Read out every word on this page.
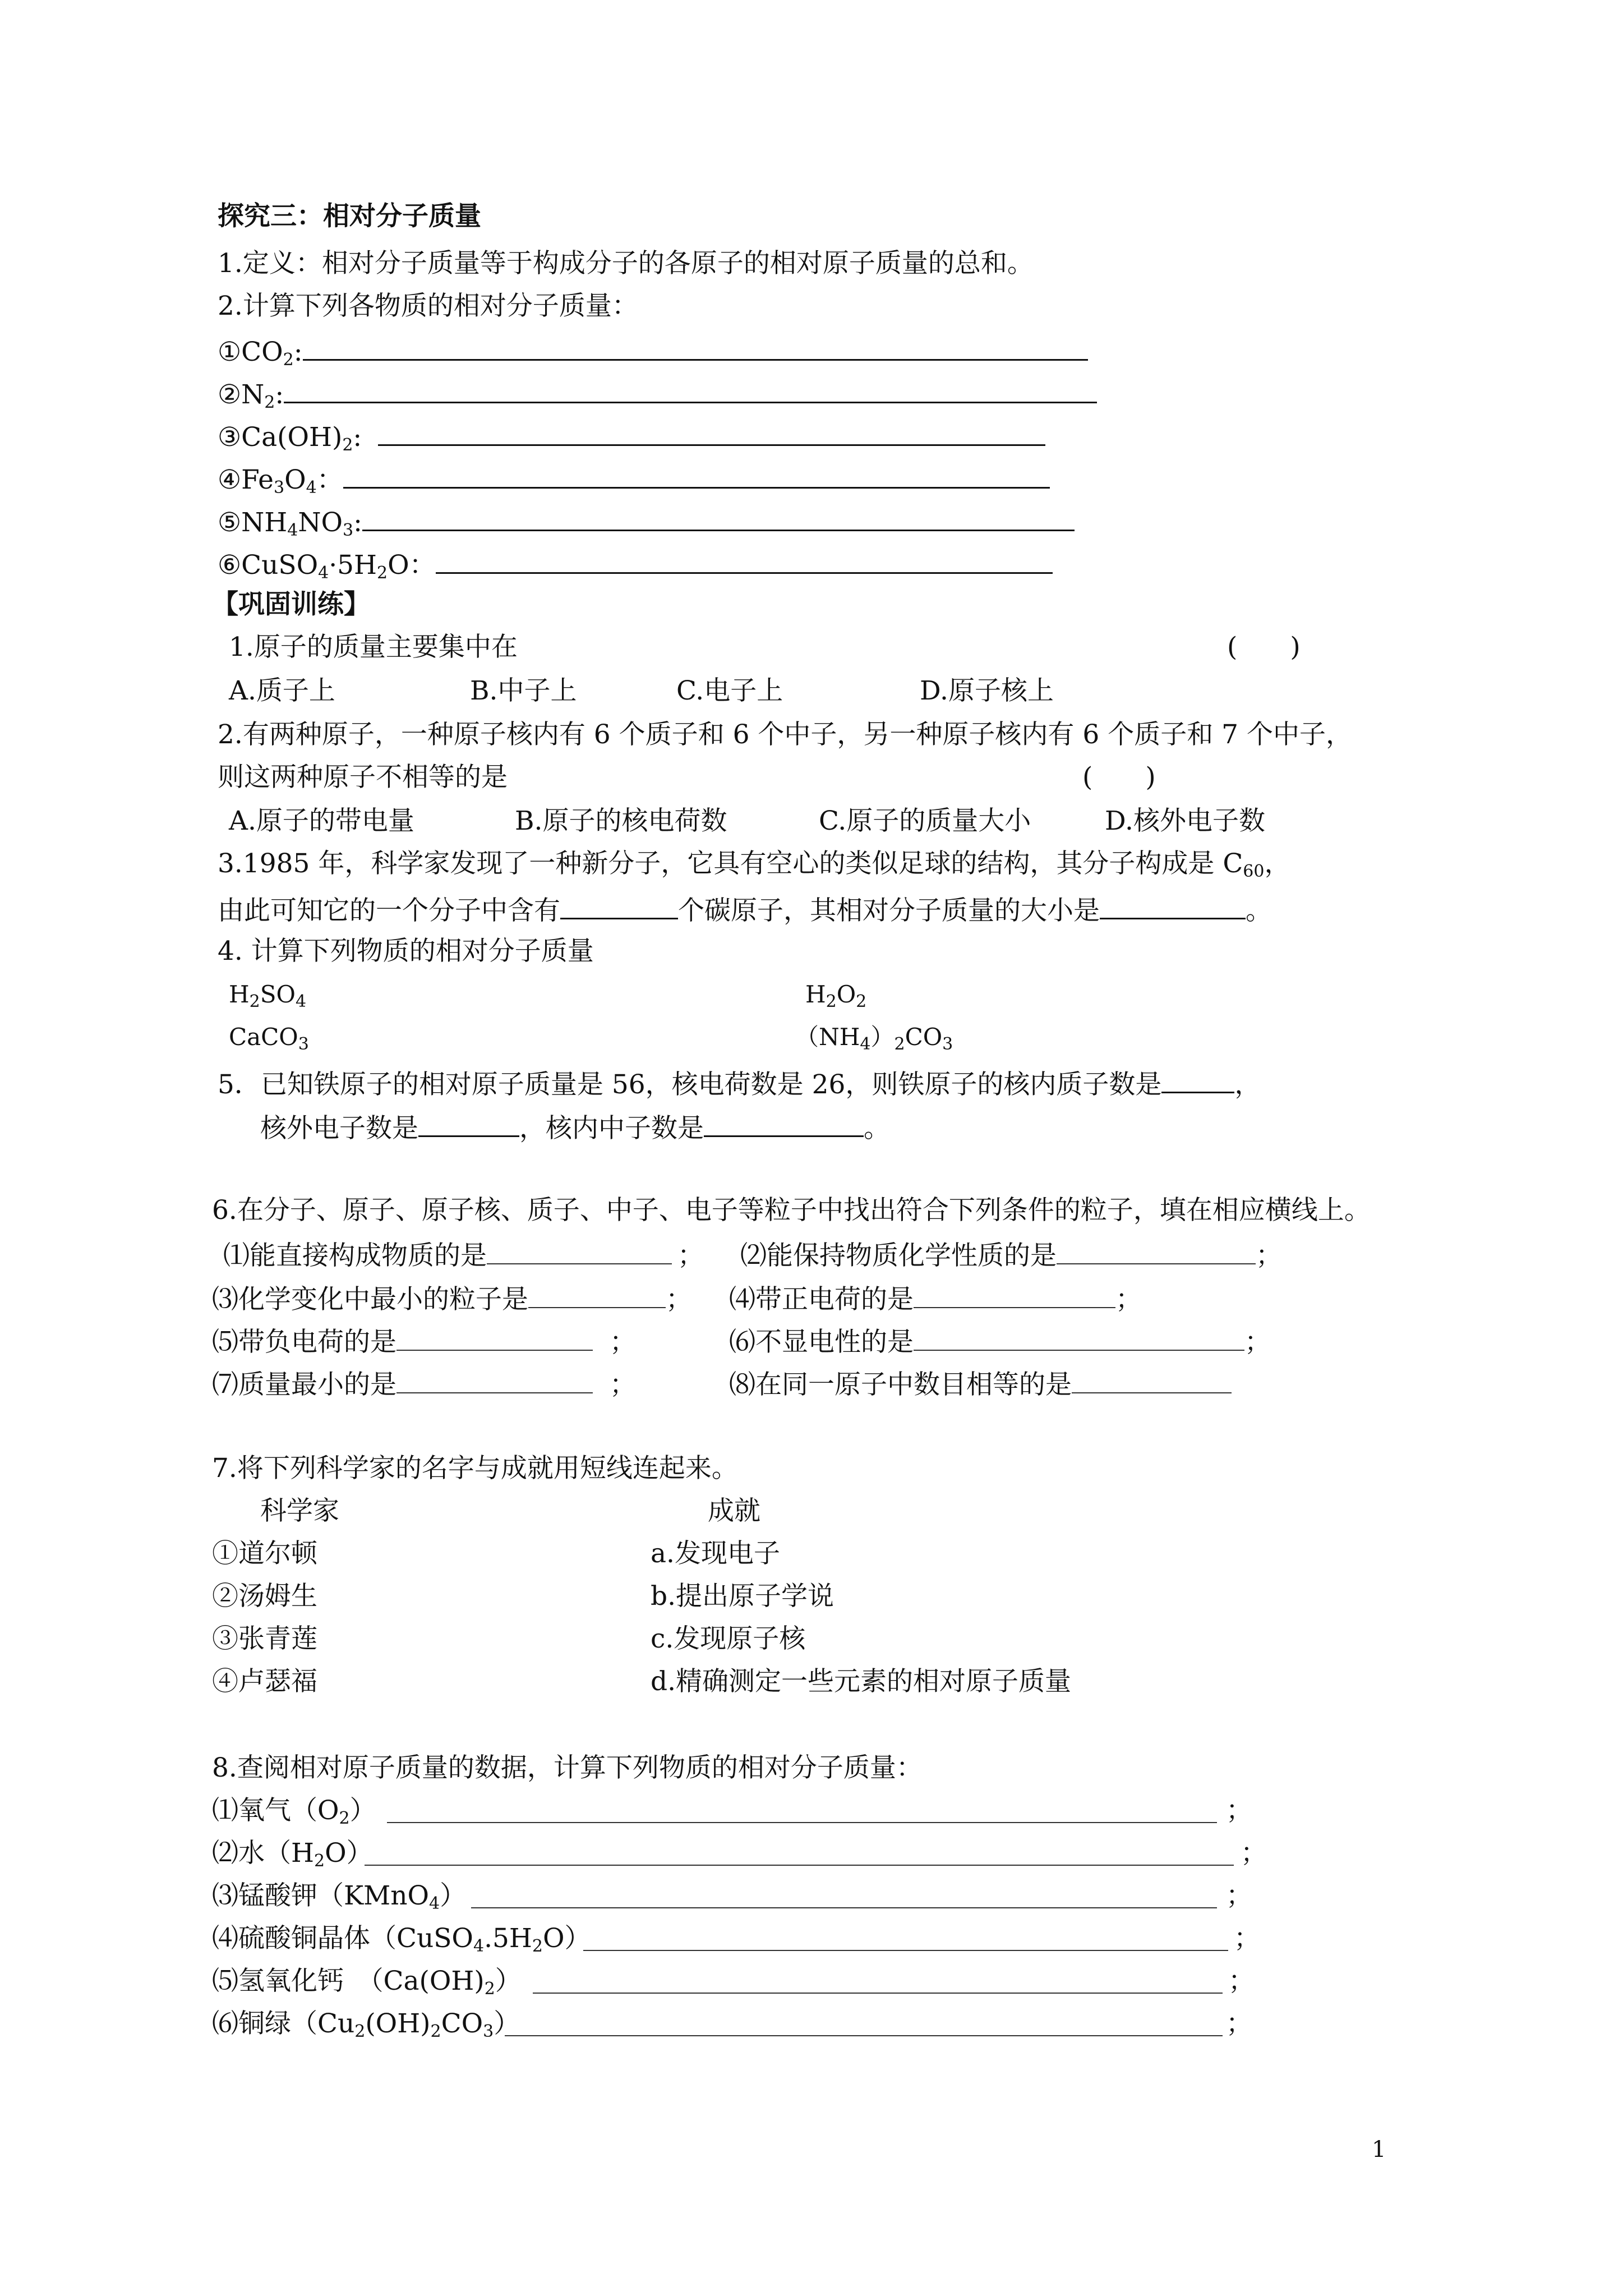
探究三：相对分子质量
1.定义：相对分子质量等于构成分子的各原子的相对原子质量的总和。
2.计算下列各物质的相对分子质量：
$①CO_2$:
$②N_2$:
$③Ca(OH)_2$:
$④Fe_3O_4$：
$⑤NH_4NO_3$:
$⑥CuSO_4\cdot 5H_2O$：
【巩固训练】
1.原子的质量主要集中在	(　　)
A.质子上	B.中子上	C.电子上	D.原子核上
2.有两种原子，一种原子核内有 6 个质子和 6 个中子，另一种原子核内有 6 个质子和 7 个中子，
则这两种原子不相等的是	(　　)
A.原子的带电量	B.原子的核电荷数	C.原子的质量大小	D.核外电子数
3.1985 年，科学家发现了一种新分子，它具有空心的类似足球的结构，其分子构成是 $C_{60}$，
由此可知它的一个分子中含有	个碳原子，其相对分子质量的大小是	。
4. 计算下列物质的相对分子质量
$H_2SO_4$	$H_2O_2$
CaCO$_3$	$(NH_4)_2CO_3$
5．已知铁原子的相对原子质量是 56，核电荷数是 26，则铁原子的核内质子数是	，
核外电子数是	，核内中子数是	。
6.在分子、原子、原子核、质子、中子、电子等粒子中找出符合下列条件的粒子，填在相应横线上。
⑴能直接构成物质的是	； ⑵能保持物质化学性质的是	；
⑶化学变化中最小的粒子是	； ⑷带正电荷的是	；
⑸带负电荷的是	；	⑹不显电性的是	；
⑺质量最小的是	；	⑻在同一原子中数目相等的是
7.将下列科学家的名字与成就用短线连起来。
科学家	成就
①道尔顿	a.发现电子
②汤姆生	b.提出原子学说
③张青莲	c.发现原子核
④卢瑟福	d.精确测定一些元素的相对原子质量
8.查阅相对原子质量的数据，计算下列物质的相对分子质量：
⑴氧气$(O_2)$	；
⑵水$(H_2O)$	；
⑶锰酸钾（KMnO$_4$）	；
⑷硫酸铜晶体$(CuSO_4.5H_2O)$	；
⑸氢氧化钙　$(Ca(OH)_2)$	；
⑹铜绿$(Cu_2(OH)_2CO_3)$	；
1
